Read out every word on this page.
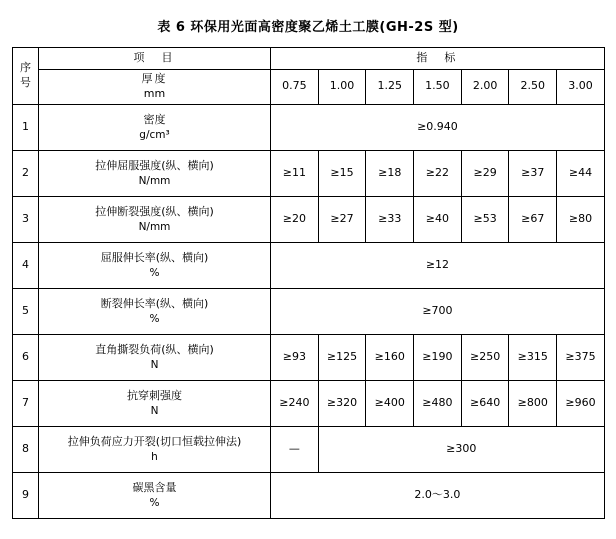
表 6 环保用光面高密度聚乙烯土工膜(GH-2S 型)
序
号	项　目	指　标						
	厚度
mm	0.75	1.00	1.25	1.50	2.00	2.50	3.00
1	密度
g/cm³	≥0.940						
2	拉伸屈服强度(纵、横向)
N/mm	≥11	≥15	≥18	≥22	≥29	≥37	≥44
3	拉伸断裂强度(纵、横向)
N/mm	≥20	≥27	≥33	≥40	≥53	≥67	≥80
4	屈服伸长率(纵、横向)
%	≥12						
5	断裂伸长率(纵、横向)
%	≥700						
6	直角撕裂负荷(纵、横向)
N	≥93	≥125	≥160	≥190	≥250	≥315	≥375
7	抗穿刺强度
N	≥240	≥320	≥400	≥480	≥640	≥800	≥960
8	拉伸负荷应力开裂(切口恒载拉伸法)
h	—	≥300					
9	碳黑含量
%	2.0～3.0						
